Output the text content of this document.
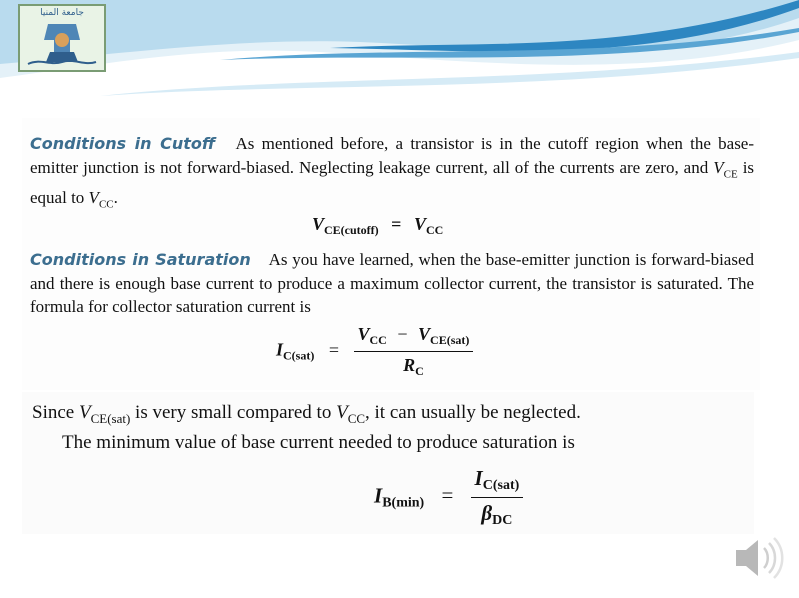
جامعة المنيا

Conditions in Cutoff As mentioned before, a transistor is in the cutoff region when the base-emitter junction is not forward-biased. Neglecting leakage current, all of the currents are zero, and $V_{CE}$ is equal to $V_{CC}$.

$V_{CE(cutoff)} = V_{CC}$

Conditions in Saturation As you have learned, when the base-emitter junction is forward-biased and there is enough base current to produce a maximum collector current, the transistor is saturated. The formula for collector saturation current is

$I_{C(sat)} = \frac{V_{CC} - V_{CE(sat)}}{R_C}$

Since $V_{CE(sat)}$ is very small compared to $V_{CC}$, it can usually be neglected.

The minimum value of base current needed to produce saturation is

$I_{B(min)} = \frac{I_{C(sat)}}{\beta_{DC}}$
